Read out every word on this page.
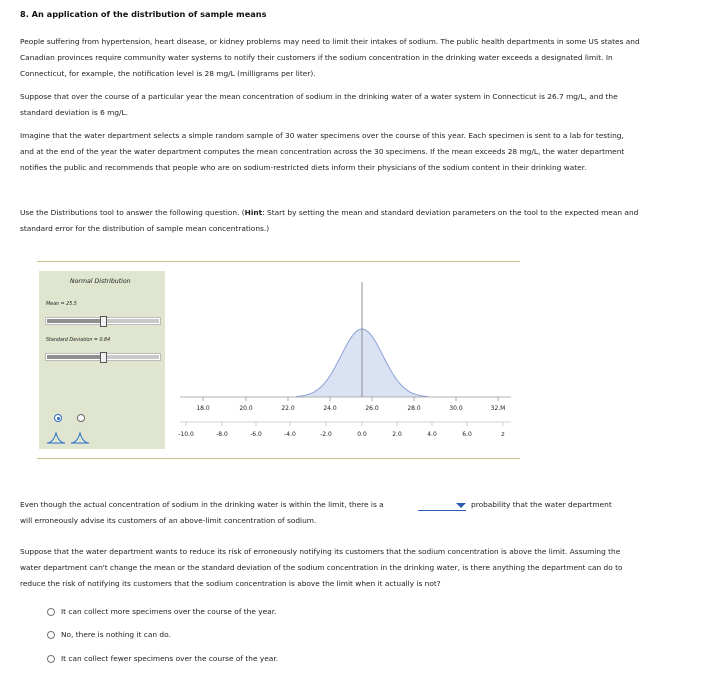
8. An application of the distribution of sample means
People suffering from hypertension, heart disease, or kidney problems may need to limit their intakes of sodium. The public health departments in some US states and Canadian provinces require community water systems to notify their customers if the sodium concentration in the drinking water exceeds a designated limit. In Connecticut, for example, the notification level is 28 mg/L (milligrams per liter).
Suppose that over the course of a particular year the mean concentration of sodium in the drinking water of a water system in Connecticut is 26.7 mg/L, and the standard deviation is 6 mg/L.
Imagine that the water department selects a simple random sample of 30 water specimens over the course of this year. Each specimen is sent to a lab for testing, and at the end of the year the water department computes the mean concentration across the 30 specimens. If the mean exceeds 28 mg/L, the water department notifies the public and recommends that people who are on sodium-restricted diets inform their physicians of the sodium content in their drinking water.
Use the Distributions tool to answer the following question. (Hint: Start by setting the mean and standard deviation parameters on the tool to the expected mean and standard error for the distribution of sample mean concentrations.)
Normal Distribution
Mean = 25.5
Standard Deviation = 0.84
18.0	20.0	22.0	24.0	26.0	28.0	30.0	32.M
-10.0	-8.0	-6.0	-4.0	-2.0	0.0	2.0	4.0	6.0	z
Even though the actual concentration of sodium in the drinking water is within the limit, there is a	probability that the water department
will erroneously advise its customers of an above-limit concentration of sodium.
Suppose that the water department wants to reduce its risk of erroneously notifying its customers that the sodium concentration is above the limit. Assuming the water department can't change the mean or the standard deviation of the sodium concentration in the drinking water, is there anything the department can do to reduce the risk of notifying its customers that the sodium concentration is above the limit when it actually is not?
It can collect more specimens over the course of the year.
No, there is nothing it can do.
It can collect fewer specimens over the course of the year.
